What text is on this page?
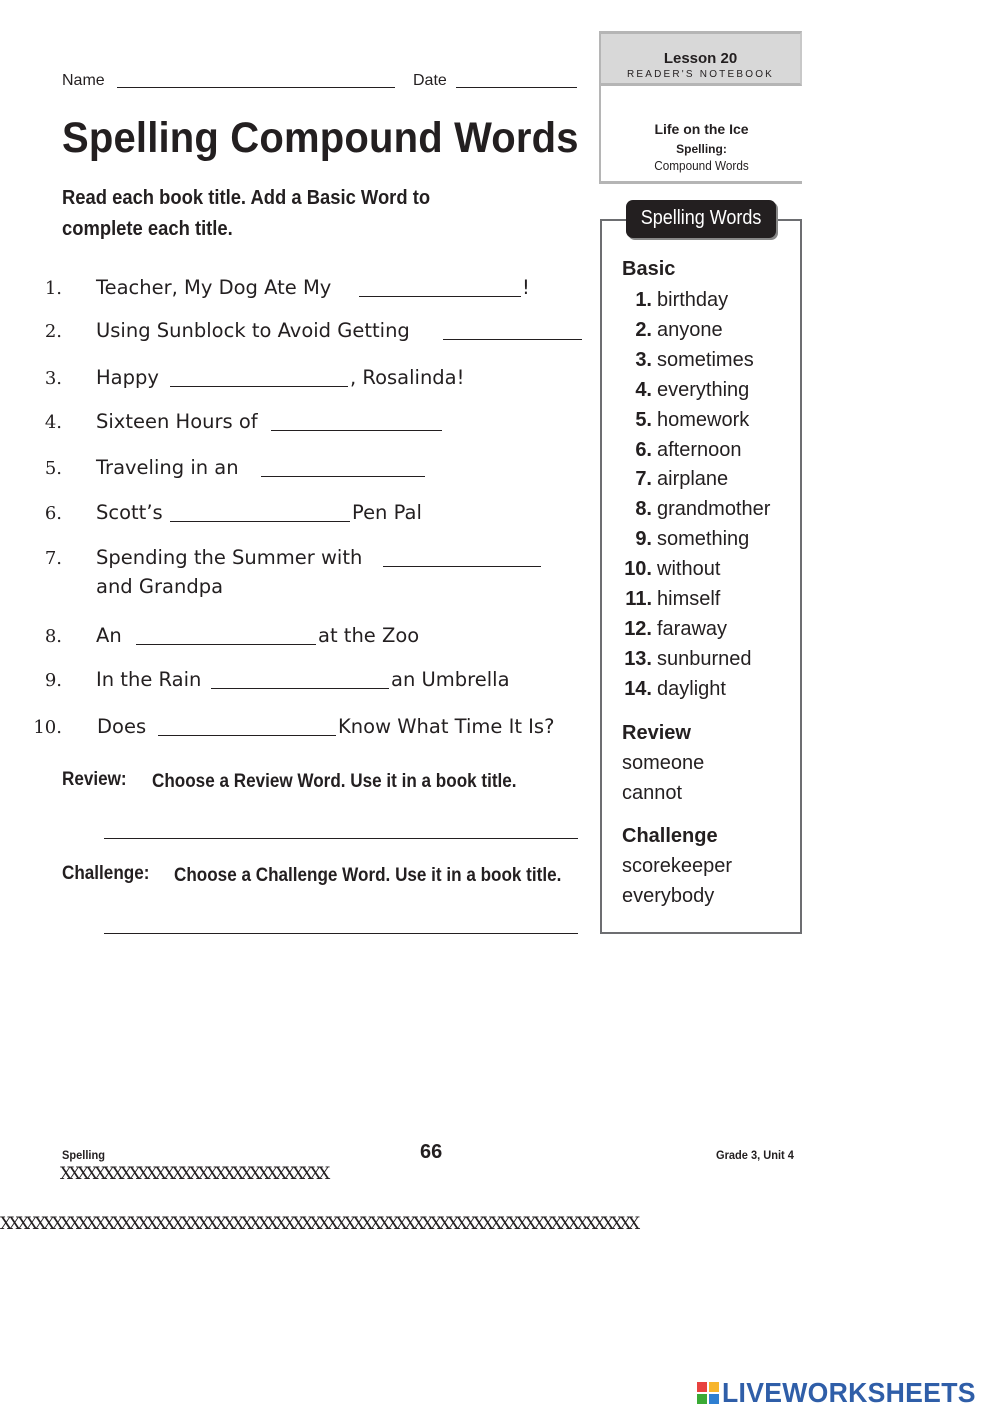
Name	Date
Lesson 20
READER'S NOTEBOOK
Life on the Ice
Spelling:
Compound Words
Spelling Compound Words
Read each book title. Add a Basic Word to complete each title.
1. Teacher, My Dog Ate My	!
2. Using Sunblock to Avoid Getting
3. Happy	, Rosalinda!
4. Sixteen Hours of
5. Traveling in an
6. Scott’s	Pen Pal
7. Spending the Summer with
and Grandpa
8. An	at the Zoo
9. In the Rain	an Umbrella
10. Does	Know What Time It Is?
Review: Choose a Review Word. Use it in a book title.
Challenge: Choose a Challenge Word. Use it in a book title.
Spelling Words
Basic
1. birthday
2. anyone
3. sometimes
4. everything
5. homework
6. afternoon
7. airplane
8. grandmother
9. something
10. without
11. himself
12. faraway
13. sunburned
14. daylight
Review
someone
cannot
Challenge
scorekeeper
everybody
Spelling	66	Grade 3, Unit 4
XXXXXXXXXXXXXXXXXXXXXXXXXXXXXXX
XXXXXXXXXXXXXXXXXXXXXXXXXXXXXXXXXXXXXXXXXXXXXXXXXXXXXXXXXXXXXXXXXXXXXXXXXX
LIVEWORKSHEETS
